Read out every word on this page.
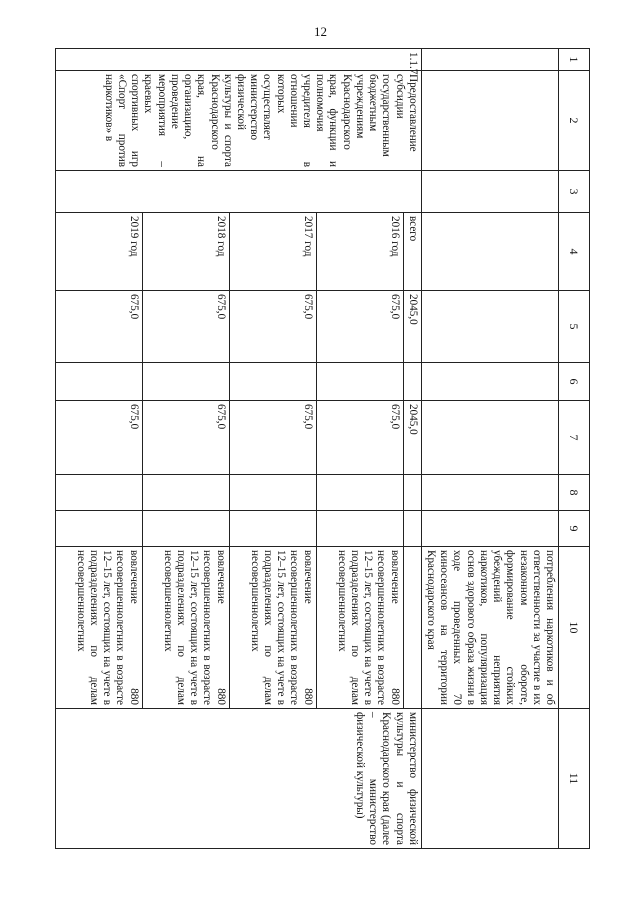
12
1	2	3	4	5	6	7	8	9	10	11
									потребления наркотиков и об ответственности за участие в их незаконном обороте, формирование стойких убеждений неприятия наркотиков, популяризация основ здорового образа жизни в ходе проведенных 70 киносеансов на территории Краснодарского края	
1.1.7	Предоставление субсидии государственным бюджетным учреждениям Краснодарского края, функции и полномочия учредителя в отношении которых осуществляет министерство физической культуры и спорта Краснодарского края, на организацию, проведение мероприятия – краевых спортивных игр «Спорт против наркотиков» в		всего	2045,0		2045,0				министерство физической культуры и спорта Краснодарского края (далее – министерство физической культуры)
			2016 год	675,0		675,0			вовлечение 880 несовершеннолетних в возрасте 12–15 лет, состоящих на учете в подразделениях по делам несовершеннолетних	
			2017 год	675,0		675,0			вовлечение 880 несовершеннолетних в возрасте 12–15 лет, состоящих на учете в подразделениях по делам несовершеннолетних	
			2018 год	675,0		675,0			вовлечение 880 несовершеннолетних в возрасте 12–15 лет, состоящих на учете в подразделениях по делам несовершеннолетних	
			2019 год	675,0		675,0			вовлечение 880 несовершеннолетних в возрасте 12–15 лет, состоящих на учете в подразделениях по делам несовершеннолетних	
